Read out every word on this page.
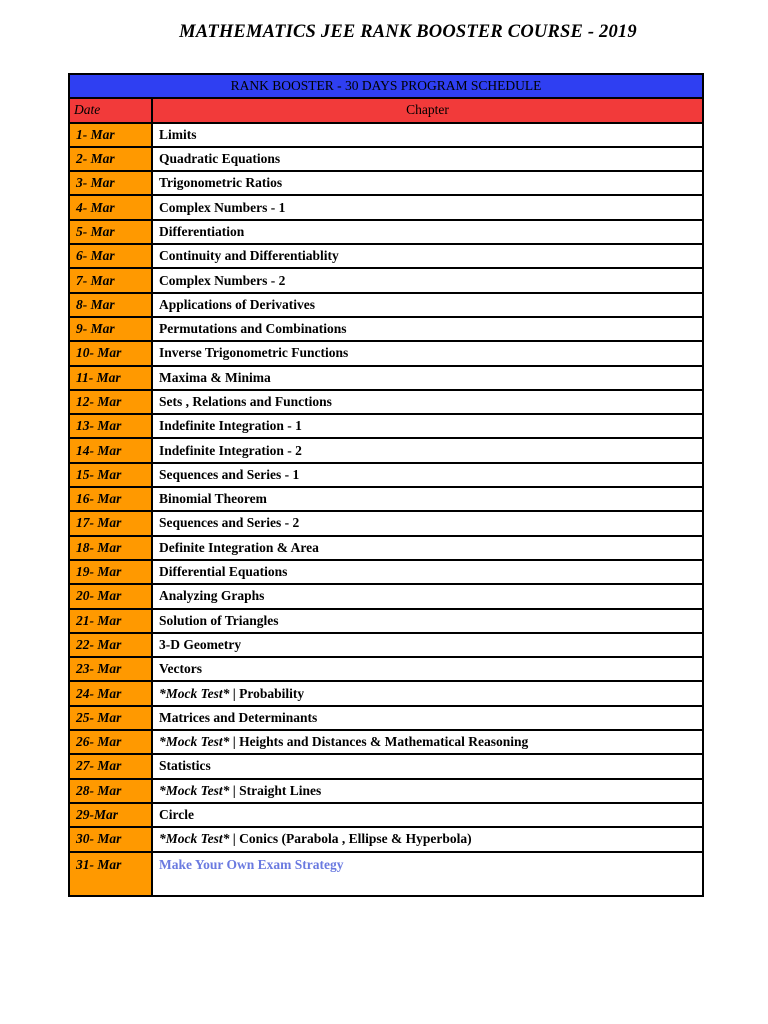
MATHEMATICS JEE RANK BOOSTER COURSE - 2019
RANK BOOSTER - 30 DAYS PROGRAM SCHEDULE	
Date	Chapter
1- Mar	Limits
2- Mar	Quadratic Equations
3- Mar	Trigonometric Ratios
4- Mar	Complex Numbers - 1
5- Mar	Differentiation
6- Mar	Continuity and Differentiablity
7- Mar	Complex Numbers - 2
8- Mar	Applications of Derivatives
9- Mar	Permutations and Combinations
10- Mar	Inverse Trigonometric Functions
11- Mar	Maxima & Minima
12- Mar	Sets , Relations and Functions
13- Mar	Indefinite Integration - 1
14- Mar	Indefinite Integration - 2
15- Mar	Sequences and Series - 1
16- Mar	Binomial Theorem
17- Mar	Sequences and Series - 2
18- Mar	Definite Integration & Area
19- Mar	Differential Equations
20- Mar	Analyzing Graphs
21- Mar	Solution of Triangles
22- Mar	3-D Geometry
23- Mar	Vectors
24- Mar	*Mock Test* | Probability
25- Mar	Matrices and Determinants
26- Mar	*Mock Test* | Heights and Distances & Mathematical Reasoning
27- Mar	Statistics
28- Mar	*Mock Test* | Straight Lines
29-Mar	Circle
30- Mar	*Mock Test* | Conics (Parabola , Ellipse & Hyperbola)
31- Mar	Make Your Own Exam Strategy
